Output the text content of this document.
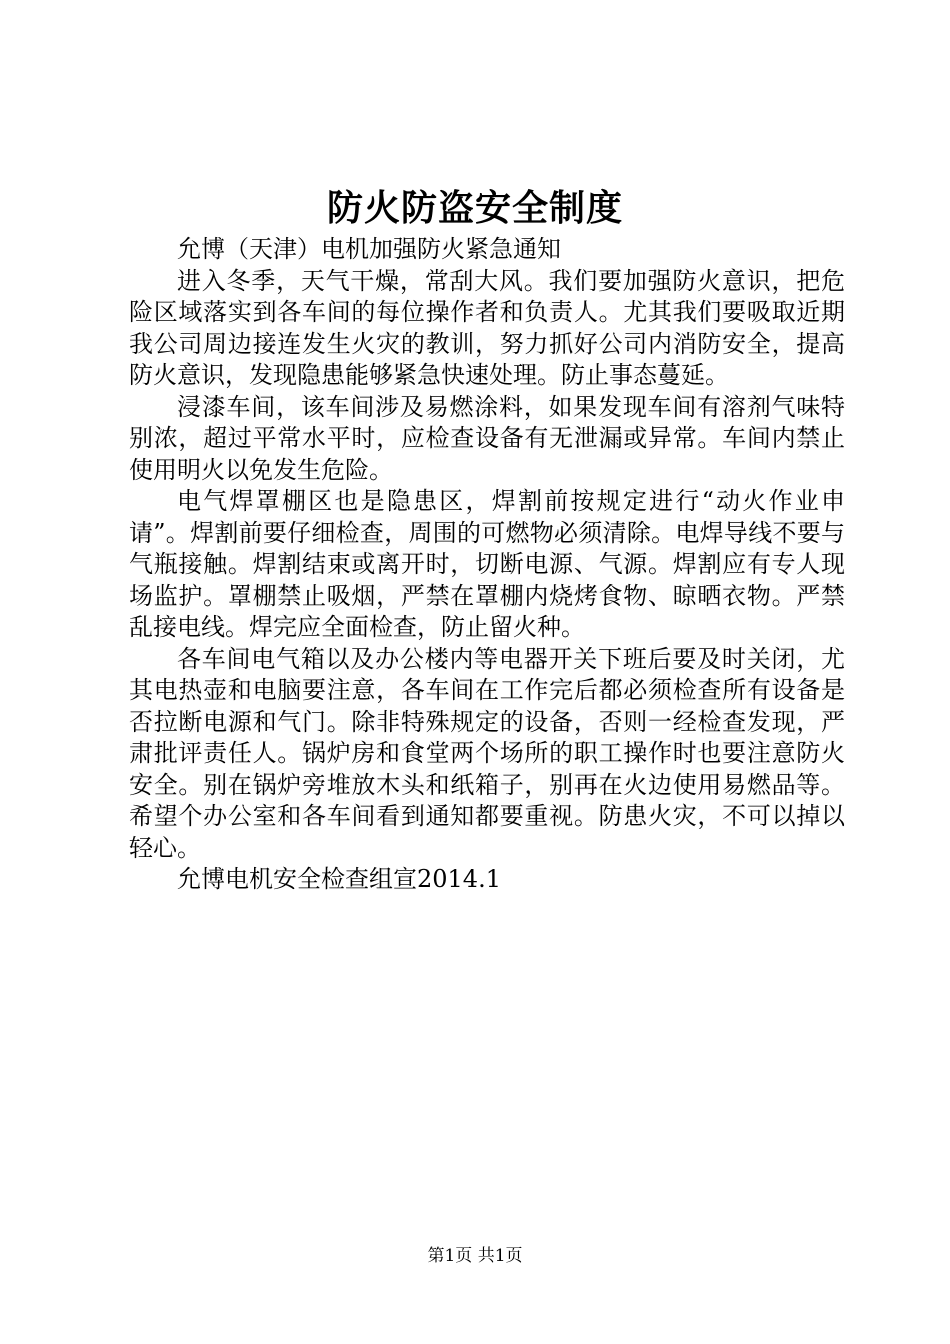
防火防盗安全制度

允博（天津）电机加强防火紧急通知

进入冬季，天气干燥，常刮大风。我们要加强防火意识，把危险区域落实到各车间的每位操作者和负责人。尤其我们要吸取近期我公司周边接连发生火灾的教训，努力抓好公司内消防安全，提高防火意识，发现隐患能够紧急快速处理。防止事态蔓延。

浸漆车间，该车间涉及易燃涂料，如果发现车间有溶剂气味特别浓，超过平常水平时，应检查设备有无泄漏或异常。车间内禁止使用明火以免发生危险。

电气焊罩棚区也是隐患区，焊割前按规定进行“动火作业申请”。焊割前要仔细检查，周围的可燃物必须清除。电焊导线不要与气瓶接触。焊割结束或离开时，切断电源、气源。焊割应有专人现场监护。罩棚禁止吸烟，严禁在罩棚内烧烤食物、晾晒衣物。严禁乱接电线。焊完应全面检查，防止留火种。

各车间电气箱以及办公楼内等电器开关下班后要及时关闭，尤其电热壶和电脑要注意，各车间在工作完后都必须检查所有设备是否拉断电源和气门。除非特殊规定的设备，否则一经检查发现，严肃批评责任人。锅炉房和食堂两个场所的职工操作时也要注意防火安全。别在锅炉旁堆放木头和纸箱子，别再在火边使用易燃品等。希望个办公室和各车间看到通知都要重视。防患火灾，不可以掉以轻心。

允博电机安全检查组宣2014.1

第1页 共1页
